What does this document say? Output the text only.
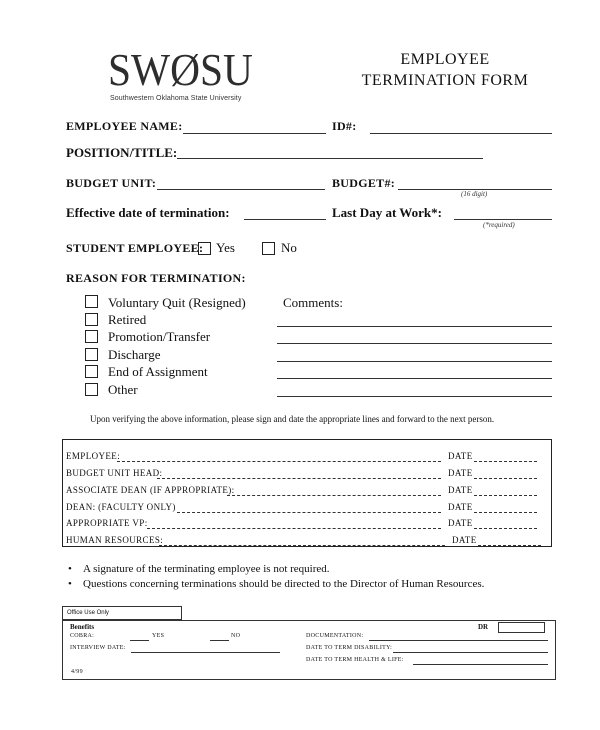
SWØSU
Southwestern Oklahoma State University
EMPLOYEE
TERMINATION FORM
EMPLOYEE NAME:	ID#:
POSITION/TITLE:
BUDGET UNIT:	BUDGET#:
(16 digit)
Effective date of termination:	Last Day at Work*:
(*required)
STUDENT EMPLOYEE: Yes	No
REASON FOR TERMINATION:
Voluntary Quit (Resigned)
Retired
Promotion/Transfer
Discharge
End of Assignment
Other
Comments:
Upon verifying the above information, please sign and date the appropriate lines and forward to the next person.
EMPLOYEE:	DATE
BUDGET UNIT HEAD:	DATE
ASSOCIATE DEAN (IF APPROPRIATE):	DATE
DEAN: (FACULTY ONLY)	DATE
APPROPRIATE VP:	DATE
HUMAN RESOURCES:	DATE
• A signature of the terminating employee is not required.
• Questions concerning terminations should be directed to the Director of Human Resources.
Office Use Only
Benefits	DR
COBRA:	YES	NO	DOCUMENTATION:
INTERVIEW DATE:	DATE TO TERM DISABILITY:
DATE TO TERM HEALTH & LIFE:
4/99
